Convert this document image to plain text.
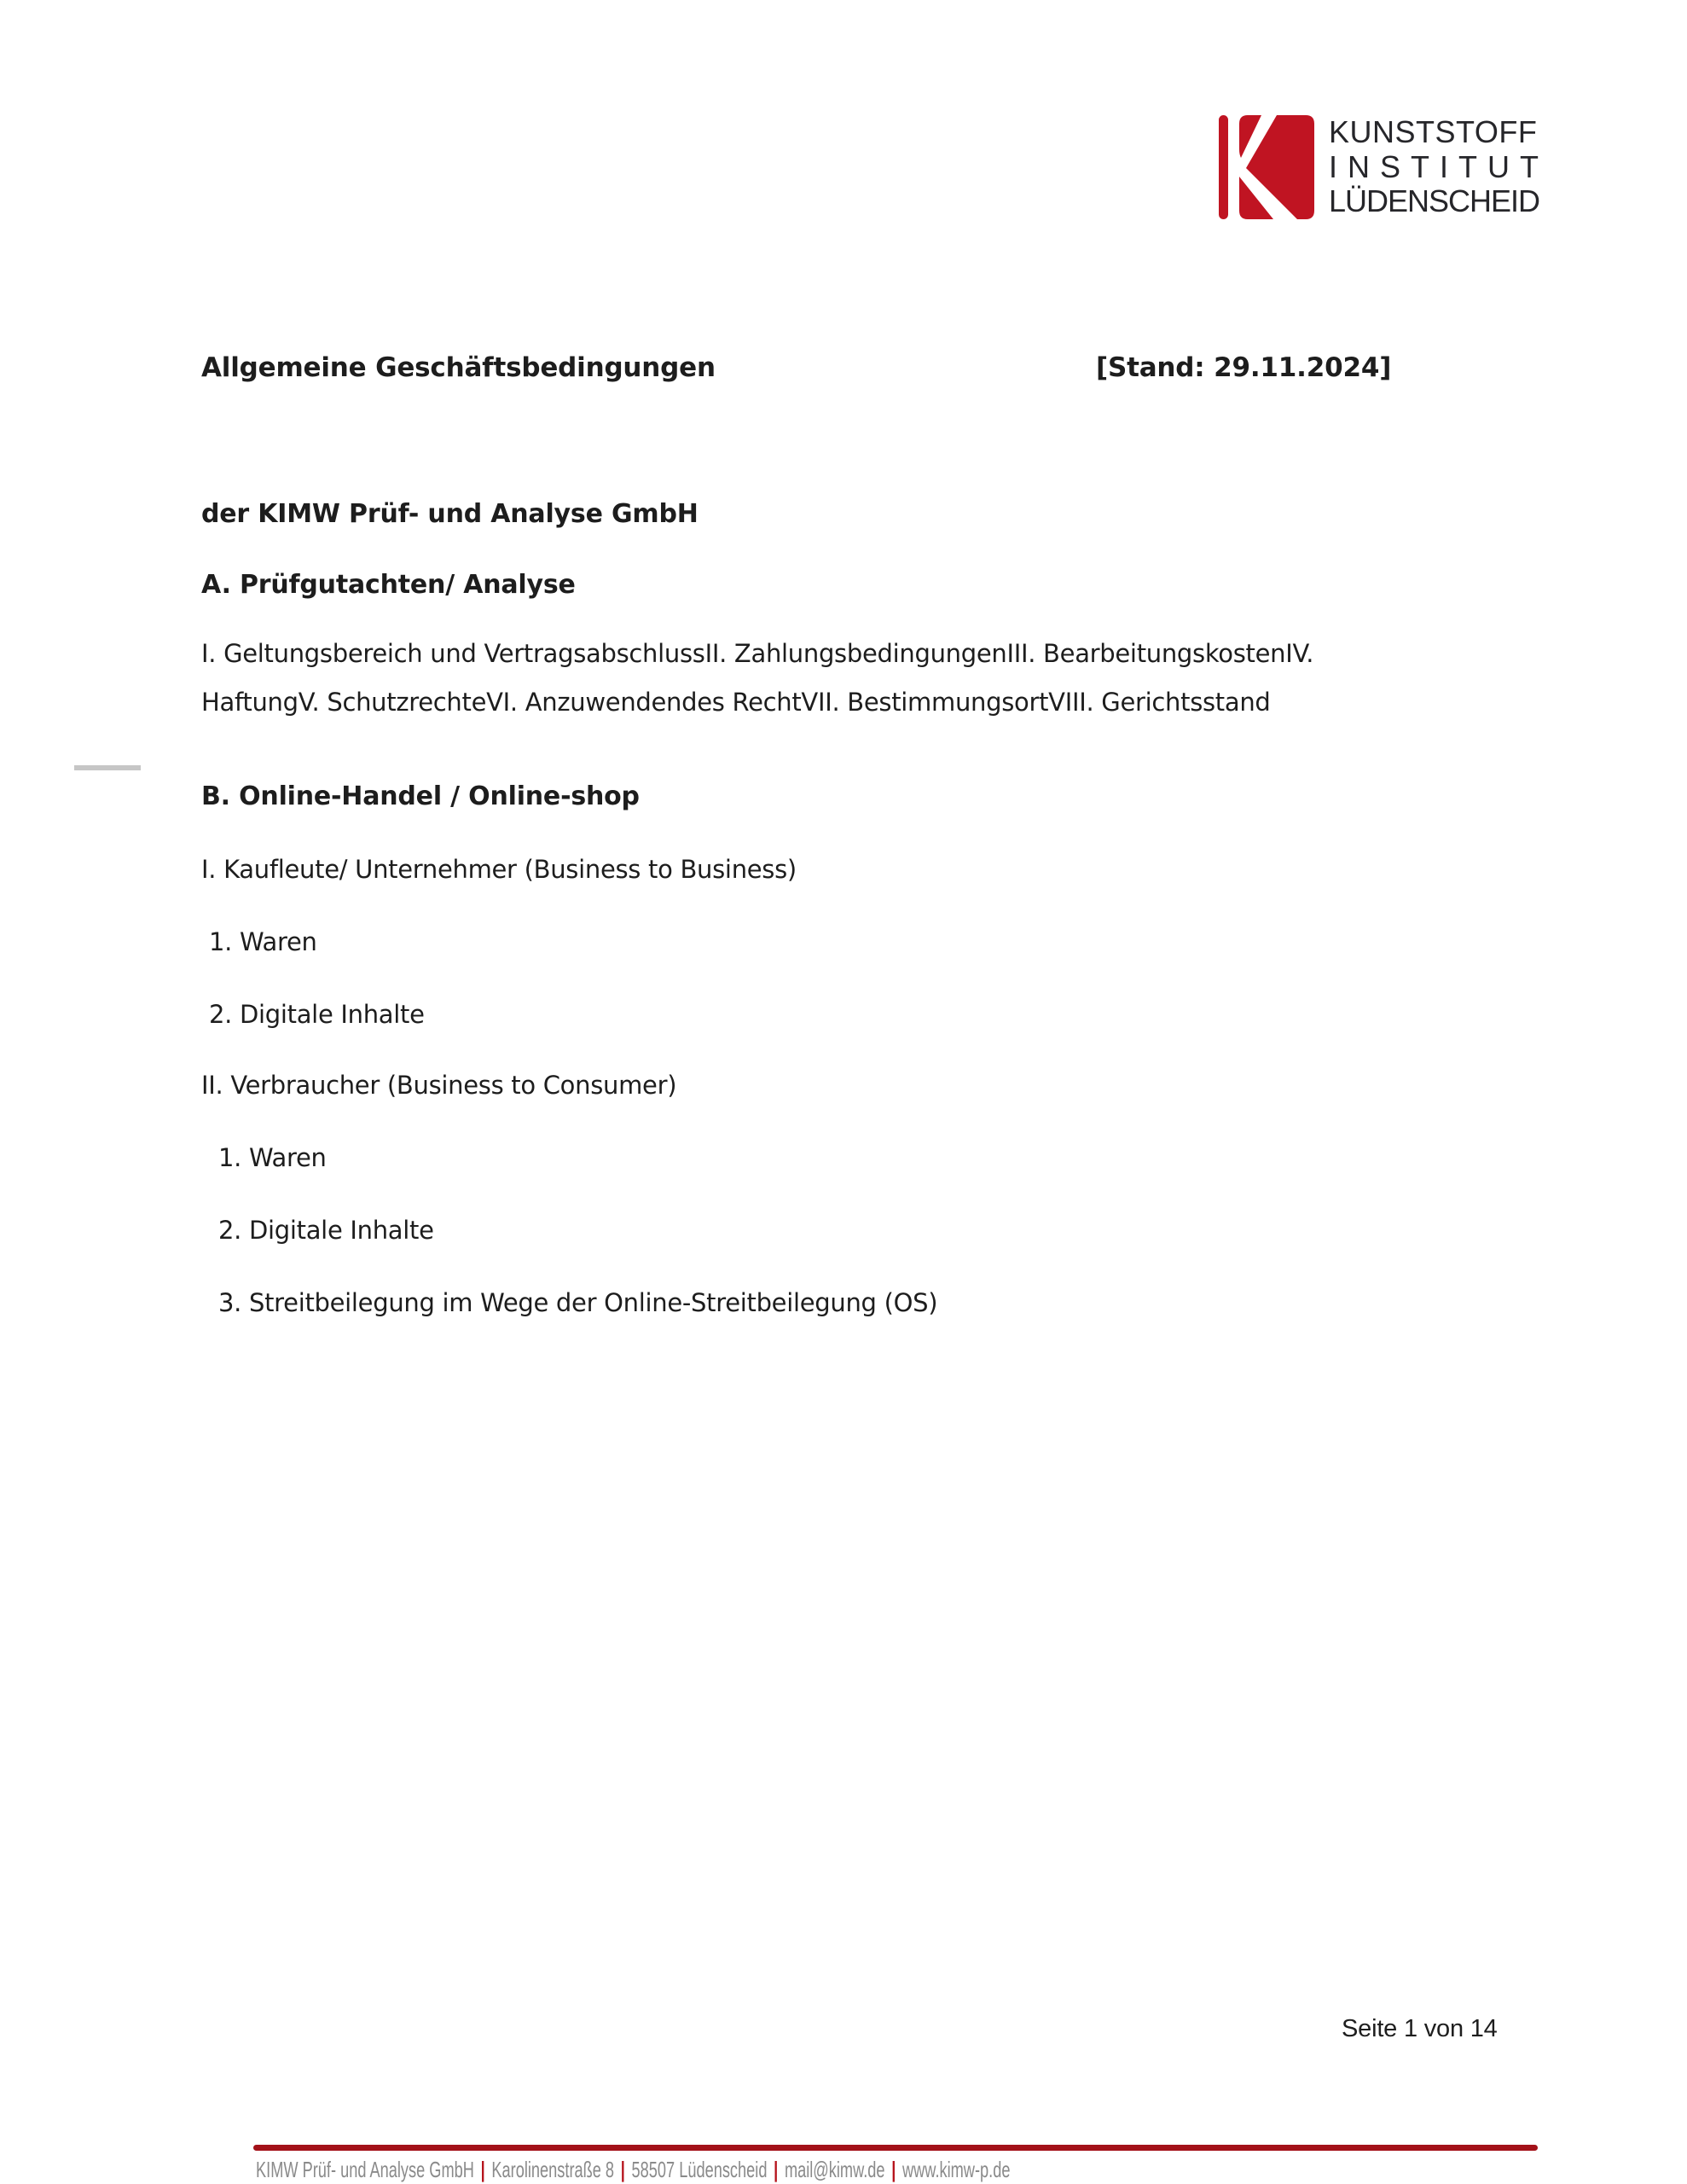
KUNSTSTOFF
INSTITUT
LÜDENSCHEID
Allgemeine Geschäftsbedingungen	[Stand: 29.11.2024]
der KIMW Prüf- und Analyse GmbH
A. Prüfgutachten/ Analyse
I. Geltungsbereich und VertragsabschlussII. ZahlungsbedingungenIII. BearbeitungskostenIV.
HaftungV. SchutzrechteVI. Anzuwendendes RechtVII. BestimmungsortVIII. Gerichtsstand
B. Online-Handel / Online-shop
I. Kaufleute/ Unternehmer (Business to Business)
1. Waren
2. Digitale Inhalte
II. Verbraucher (Business to Consumer)
1. Waren
2. Digitale Inhalte
3. Streitbeilegung im Wege der Online-Streitbeilegung (OS)
Seite 1 von 14
KIMW Prüf- und Analyse GmbH | Karolinenstraße 8 | 58507 Lüdenscheid | mail@kimw.de | www.kimw-p.de
